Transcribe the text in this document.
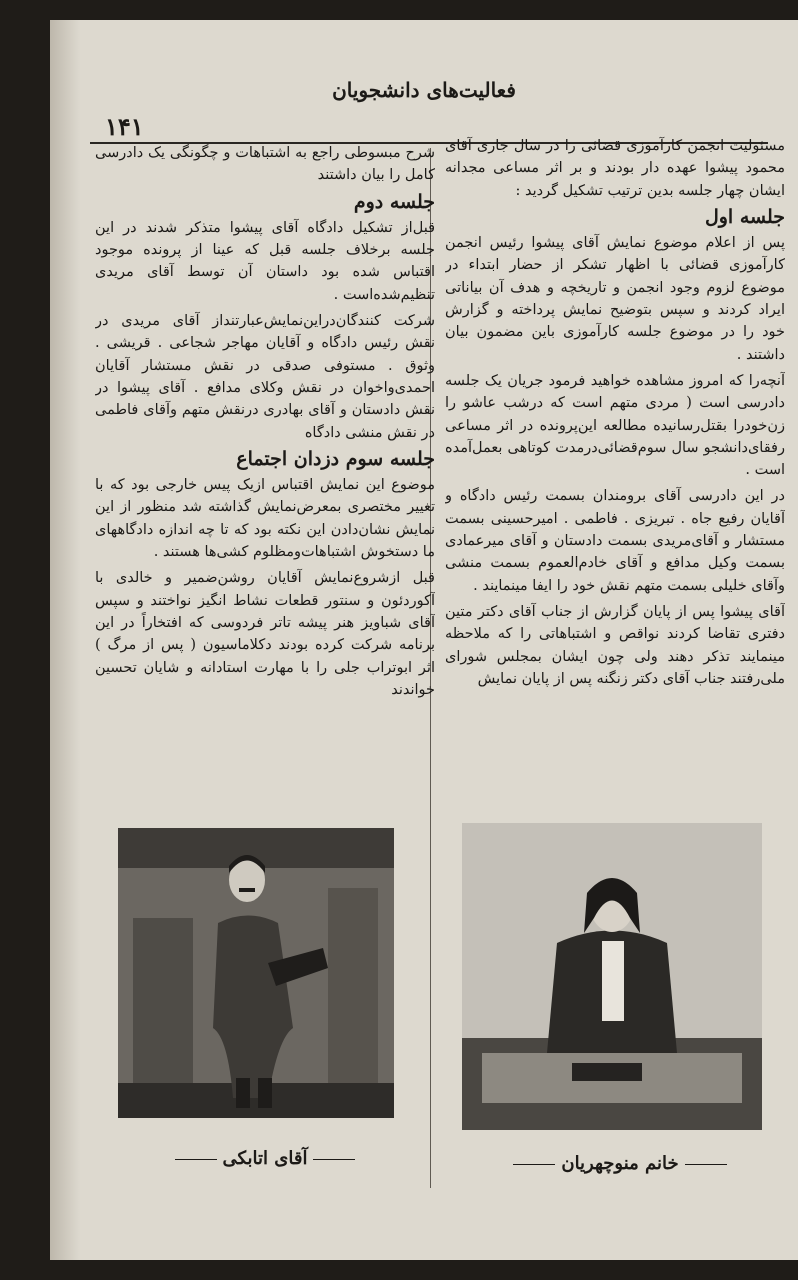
فعالیت‌های دانشجویان
۱۴۱

مسئولیت انجمن کارآموزی قضائی را در سال جاری آقای محمود پیشوا عهده دار بودند و بر اثر مساعی مجدانه ایشان چهار جلسه بدین ترتیب تشکیل گردید :

جلسه اول

پس از اعلام موضوع نمایش آقای پیشوا رئیس انجمن کارآموزی قضائی با اظهار تشکر از حضار ابتداء در موضوع لزوم وجود انجمن و تاریخچه و هدف آن بیاناتی ایراد کردند و سپس بتوضیح نمایش پرداخته و گزارش خود را در موضوع جلسه کارآموزی باین مضمون بیان داشتند .

آنچه‌را که امروز مشاهده خواهید فرمود جریان یک جلسه دادرسی است ( مردی متهم است که درشب عاشو را زن‌خودرا بقتل‌رسانیده مطالعه این‌پرونده در اثر مساعی رفقای‌دانشجو سال سوم‌قضائی‌درمدت کوتاهی بعمل‌آمده است .

در این دادرسی آقای برومندان بسمت رئیس دادگاه و آقایان رفیع جاه . تبریزی . فاطمی . امیرحسینی بسمت مستشار و آقای‌مریدی بسمت دادستان و آقای میرعمادی بسمت وکیل مدافع و آقای خادم‌العموم بسمت منشی وآقای خلیلی بسمت متهم نقش خود را ایفا مینمایند .

آقای پیشوا پس از پایان گزارش از جناب آقای دکتر متین دفتری تقاضا کردند نواقص و اشتباهاتی را که ملاحظه مینمایند تذکر دهند ولی چون ایشان بمجلس شورای ملی‌رفتند جناب آقای دکتر زنگنه پس از پایان نمایش

شرح مبسوطی راجع به اشتباهات و چگونگی یک دادرسی کامل را بیان داشتند

جلسه دوم

قبل‌از تشکیل دادگاه آقای پیشوا متذکر شدند در این جلسه برخلاف جلسه قبل که عینا از پرونده موجود اقتباس شده بود داستان آن توسط آقای مریدی تنظیم‌شده‌است .

شرکت کنندگان‌دراین‌نمایش‌عبارتنداز آقای مریدی در نقش رئیس دادگاه و آقایان مهاجر شجاعی . قریشی . وثوق . مستوفی صدقی در نقش مستشار آقایان احمدی‌واخوان در نقش وکلای مدافع . آقای پیشوا در نقش دادستان و آقای بهادری درنقش متهم وآقای فاطمی در نقش منشی دادگاه

جلسه سوم دزدان اجتماع

موضوع این نمایش اقتباس ازیک پیس خارجی بود که با تغییر مختصری بمعرض‌نمایش گذاشته شد منظور از این نمایش نشان‌دادن این نکته بود که تا چه اندازه دادگاههای ما دستخوش اشتباهات‌ومظلوم کشی‌ها هستند .

قبل ازشروع‌نمایش آقایان روشن‌ضمیر و خالدی با آکوردئون و سنتور قطعات نشاط انگیز نواختند و سپس آقای شباویز هنر پیشه تاتر فردوسی که افتخاراً در این برنامه شرکت کرده بودند دکلاماسیون ( پس از مرگ ) اثر ابوتراب جلی را با مهارت استادانه و شایان تحسین خواندند

آقای اتابکی	خانم منوچهریان
